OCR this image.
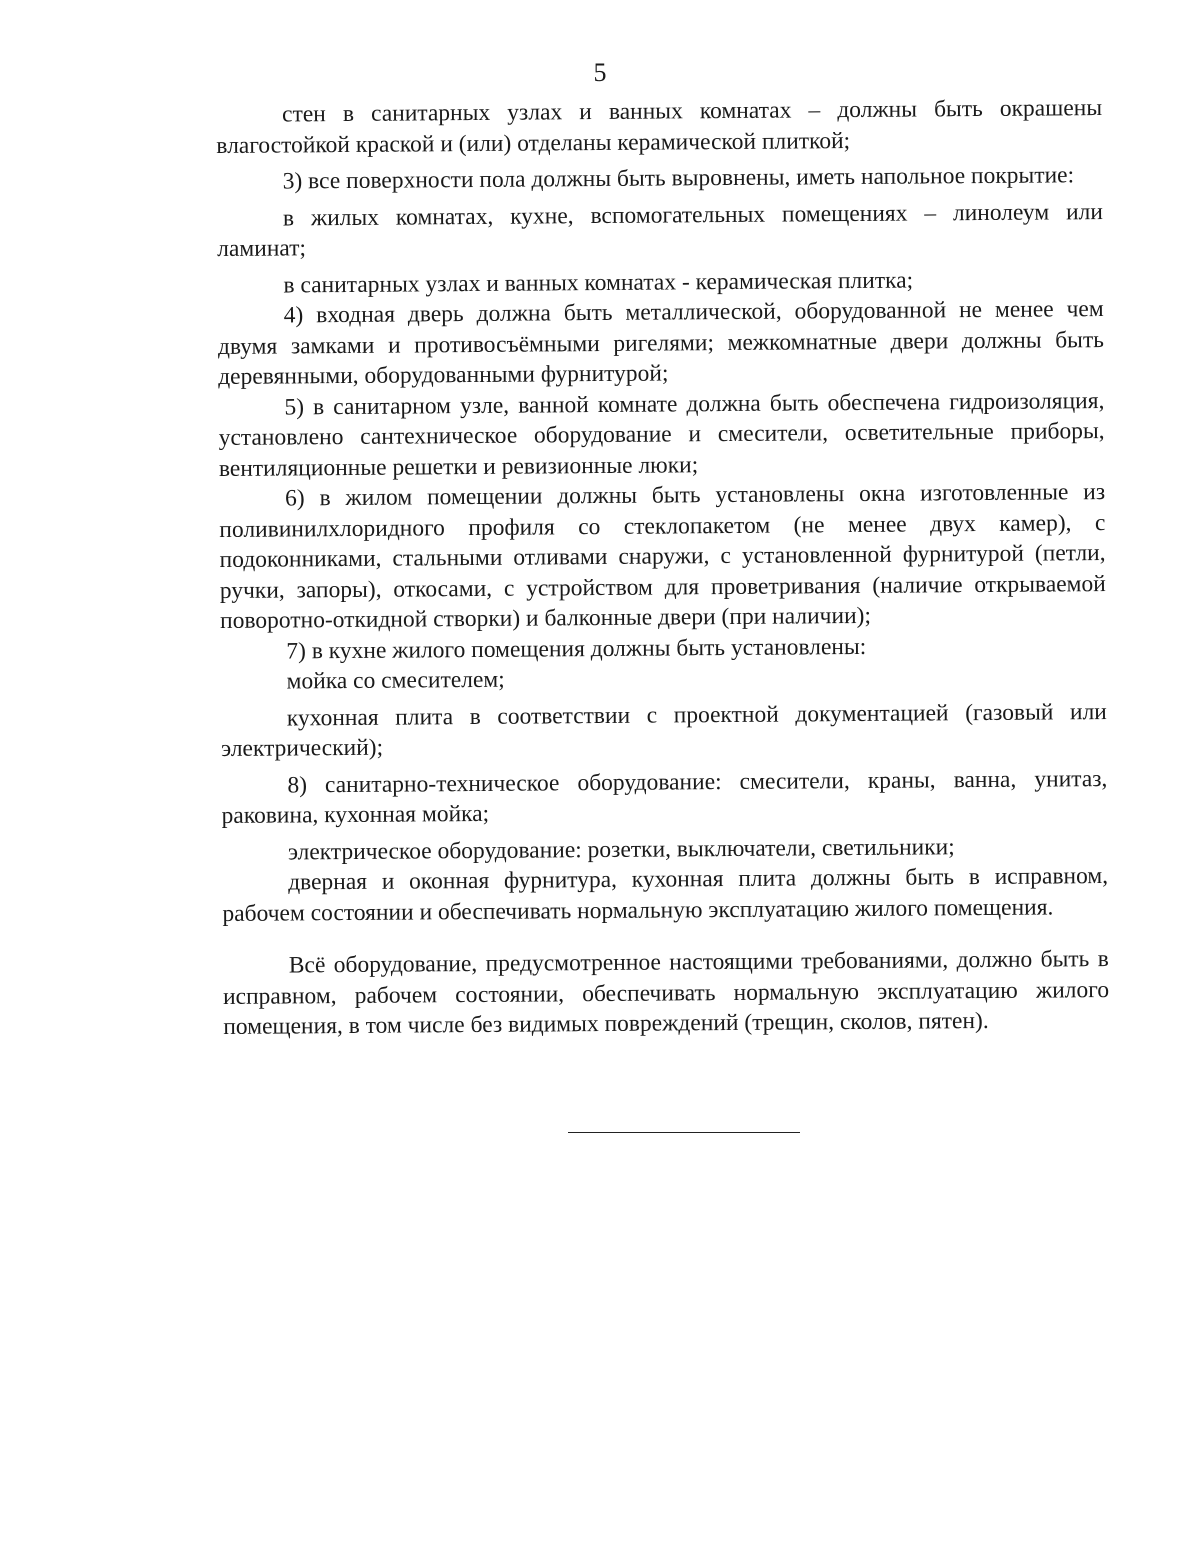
5

стен в санитарных узлах и ванных комнатах – должны быть окрашены влагостойкой краской и (или) отделаны керамической плиткой;

3) все поверхности пола должны быть выровнены, иметь напольное покрытие:

в жилых комнатах, кухне, вспомогательных помещениях – линолеум или ламинат;

в санитарных узлах и ванных комнатах - керамическая плитка;

4) входная дверь должна быть металлической, оборудованной не менее чем двумя замками и противосъёмными ригелями; межкомнатные двери должны быть деревянными, оборудованными фурнитурой;

5) в санитарном узле, ванной комнате должна быть обеспечена гидроизоляция, установлено сантехническое оборудование и смесители, осветительные приборы, вентиляционные решетки и ревизионные люки;

6) в жилом помещении должны быть установлены окна изготовленные из поливинилхлоридного профиля со стеклопакетом (не менее двух камер), с подоконниками, стальными отливами снаружи, с установленной фурнитурой (петли, ручки, запоры), откосами, с устройством для проветривания (наличие открываемой поворотно-откидной створки) и балконные двери (при наличии);

7) в кухне жилого помещения должны быть установлены:

мойка со смесителем;

кухонная плита в соответствии с проектной документацией (газовый или электрический);

8) санитарно-техническое оборудование: смесители, краны, ванна, унитаз, раковина, кухонная мойка;

электрическое оборудование: розетки, выключатели, светильники;

дверная и оконная фурнитура, кухонная плита должны быть в исправном, рабочем состоянии и обеспечивать нормальную эксплуатацию жилого помещения.

Всё оборудование, предусмотренное настоящими требованиями, должно быть в исправном, рабочем состоянии, обеспечивать нормальную эксплуатацию жилого помещения, в том числе без видимых повреждений (трещин, сколов, пятен).
